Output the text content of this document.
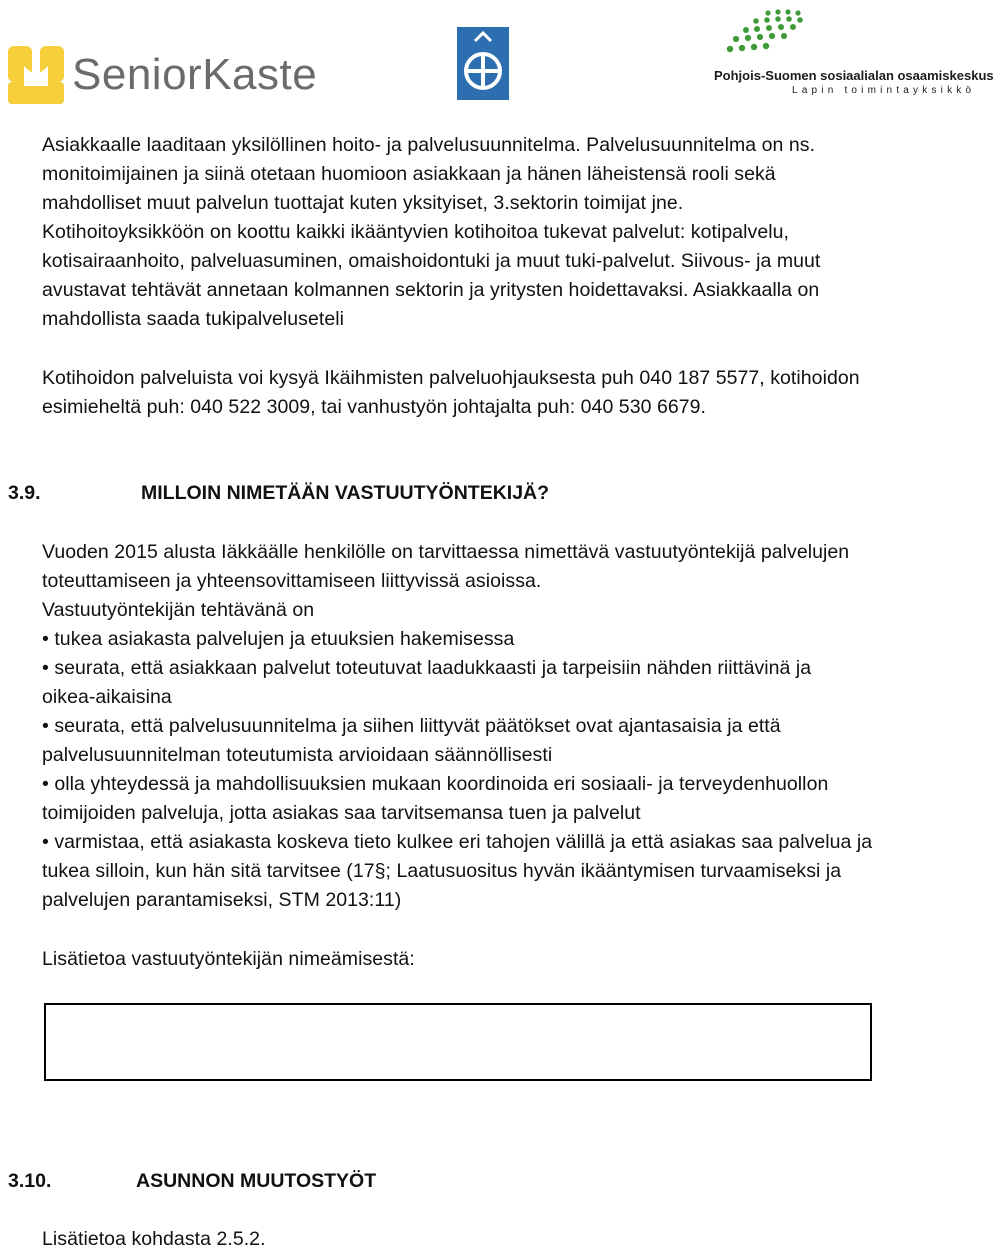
SeniorKaste	Pohjois-Suomen sosiaalialan osaamiskeskus
Lapin toimintayksikkö
Asiakkaalle laaditaan yksilöllinen hoito- ja palvelusuunnitelma. Palvelusuunnitelma on ns.
monitoimijainen ja siinä otetaan huomioon asiakkaan ja hänen läheistensä rooli sekä
mahdolliset muut palvelun tuottajat kuten yksityiset, 3.sektorin toimijat jne.
Kotihoitoyksikköön on koottu kaikki ikääntyvien kotihoitoa tukevat palvelut: kotipalvelu,
kotisairaanhoito, palveluasuminen, omaishoidontuki ja muut tuki-palvelut. Siivous- ja muut
avustavat tehtävät annetaan kolmannen sektorin ja yritysten hoidettavaksi. Asiakkaalla on
mahdollista saada tukipalveluseteli
Kotihoidon palveluista voi kysyä Ikäihmisten palveluohjauksesta puh 040 187 5577, kotihoidon
esimieheltä puh: 040 522 3009, tai vanhustyön johtajalta puh: 040 530 6679.
3.9.	MILLOIN NIMETÄÄN VASTUUTYÖNTEKIJÄ?
Vuoden 2015 alusta Iäkkäälle henkilölle on tarvittaessa nimettävä vastuutyöntekijä palvelujen
toteuttamiseen ja yhteensovittamiseen liittyvissä asioissa.
Vastuutyöntekijän tehtävänä on
• tukea asiakasta palvelujen ja etuuksien hakemisessa
• seurata, että asiakkaan palvelut toteutuvat laadukkaasti ja tarpeisiin nähden riittävinä ja
oikea-aikaisina
• seurata, että palvelusuunnitelma ja siihen liittyvät päätökset ovat ajantasaisia ja että
palvelusuunnitelman toteutumista arvioidaan säännöllisesti
• olla yhteydessä ja mahdollisuuksien mukaan koordinoida eri sosiaali- ja terveydenhuollon
toimijoiden palveluja, jotta asiakas saa tarvitsemansa tuen ja palvelut
• varmistaa, että asiakasta koskeva tieto kulkee eri tahojen välillä ja että asiakas saa palvelua ja
tukea silloin, kun hän sitä tarvitsee (17§; Laatusuositus hyvän ikääntymisen turvaamiseksi ja
palvelujen parantamiseksi, STM 2013:11)
Lisätietoa vastuutyöntekijän nimeämisestä:
3.10.	ASUNNON MUUTOSTYÖT
Lisätietoa kohdasta 2.5.2.
